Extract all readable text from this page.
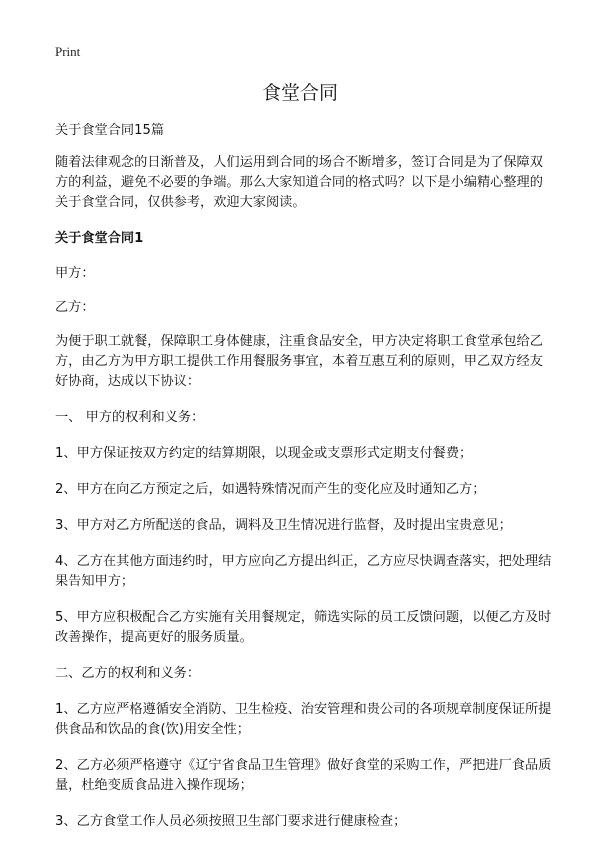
Print
食堂合同

关于食堂合同15篇

随着法律观念的日渐普及，人们运用到合同的场合不断增多，签订合同是为了保障双方的利益，避免不必要的争端。那么大家知道合同的格式吗？以下是小编精心整理的关于食堂合同，仅供参考，欢迎大家阅读。

关于食堂合同1

甲方：

乙方：

为便于职工就餐，保障职工身体健康，注重食品安全，甲方决定将职工食堂承包给乙方，由乙方为甲方职工提供工作用餐服务事宜，本着互惠互利的原则，甲乙双方经友好协商，达成以下协议：

一、 甲方的权利和义务：

1、甲方保证按双方约定的结算期限，以现金或支票形式定期支付餐费；

2、甲方在向乙方预定之后，如遇特殊情况而产生的变化应及时通知乙方；

3、甲方对乙方所配送的食品，调料及卫生情况进行监督，及时提出宝贵意见；

4、乙方在其他方面违约时，甲方应向乙方提出纠正，乙方应尽快调查落实，把处理结果告知甲方；

5、甲方应积极配合乙方实施有关用餐规定，筛选实际的员工反馈问题，以便乙方及时改善操作，提高更好的服务质量。

二、乙方的权利和义务：

1、乙方应严格遵循安全消防、卫生检疫、治安管理和贵公司的各项规章制度保证所提供食品和饮品的食(饮)用安全性；

2、乙方必须严格遵守《辽宁省食品卫生管理》做好食堂的采购工作，严把进厂食品质量，杜绝变质食品进入操作现场；

3、乙方食堂工作人员必须按照卫生部门要求进行健康检查；
